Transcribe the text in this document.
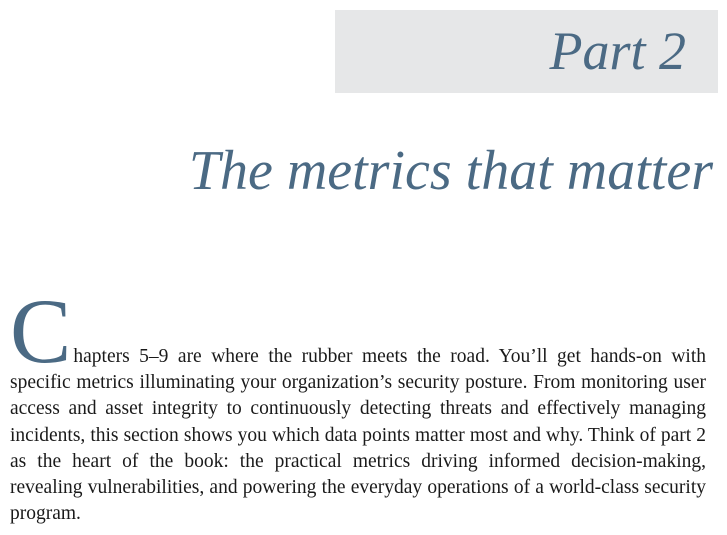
Part 2
The metrics that matter
C hapters 5–9 are where the rubber meets the road. You’ll get hands-on with specific metrics illuminating your organization’s security posture. From monitoring user access and asset integrity to continuously detecting threats and effectively managing incidents, this section shows you which data points matter most and why. Think of part 2 as the heart of the book: the practical metrics driving informed decision-making, revealing vulnerabilities, and powering the everyday operations of a world-class security program.
